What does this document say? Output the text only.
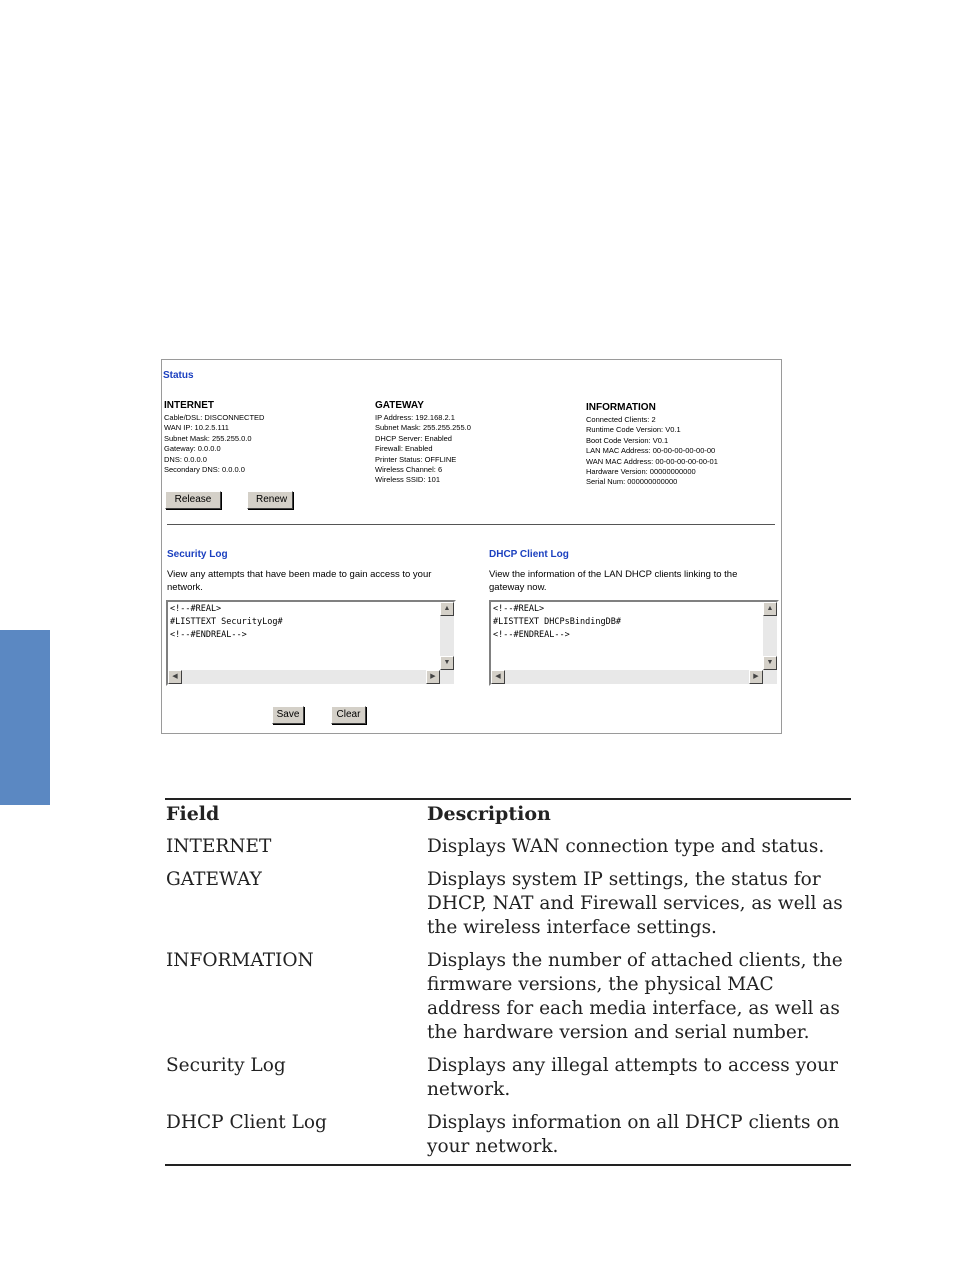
Status
INTERNET
Cable/DSL: DISCONNECTED
WAN IP: 10.2.5.111
Subnet Mask: 255.255.0.0
Gateway: 0.0.0.0
DNS: 0.0.0.0
Secondary DNS: 0.0.0.0
GATEWAY
IP Address: 192.168.2.1
Subnet Mask: 255.255.255.0
DHCP Server: Enabled
Firewall: Enabled
Printer Status: OFFLINE
Wireless Channel: 6
Wireless SSID: 101
INFORMATION
Connected Clients: 2
Runtime Code Version: V0.1
Boot Code Version: V0.1
LAN MAC Address: 00-00-00-00-00-00
WAN MAC Address: 00-00-00-00-00-01
Hardware Version: 00000000000
Serial Num: 000000000000
Release	Renew
Security Log
View any attempts that have been made to gain access to your network.
<!--#REAL>
#LISTTEXT SecurityLog#
<!--#ENDREAL-->
▲
▼
◀	▶
DHCP Client Log
View the information of the LAN DHCP clients linking to the gateway now.
<!--#REAL>
#LISTTEXT DHCPsBindingDB#
<!--#ENDREAL-->
▲
▼
◀	▶
Save	Clear
Field	Description
INTERNET	Displays WAN connection type and status.
GATEWAY	Displays system IP settings, the status for DHCP, NAT and Firewall services, as well as the wireless interface settings.
INFORMATION	Displays the number of attached clients, the firmware versions, the physical MAC address for each media interface, as well as the hardware version and serial number.
Security Log	Displays any illegal attempts to access your network.
DHCP Client Log	Displays information on all DHCP clients on your network.
